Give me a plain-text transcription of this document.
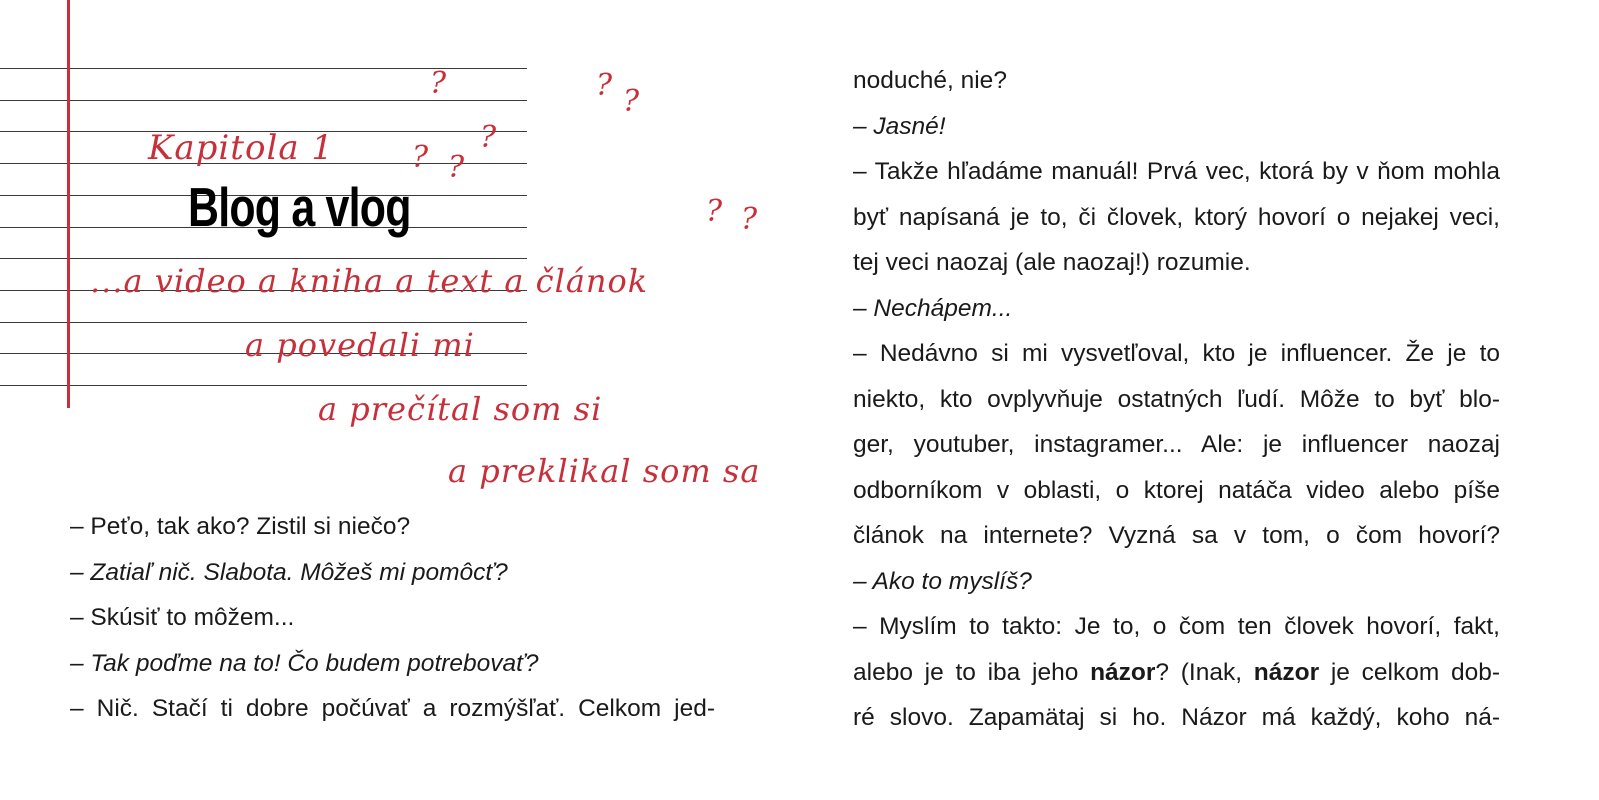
?	? ?
?
? ?
? ?
Kapitola 1
Blog a vlog
...a video a kniha a text a článok
a povedali mi
a prečítal som si
a preklikal som sa

– Peťo, tak ako? Zistil si niečo?

– Zatiaľ nič. Slabota. Môžeš mi pomôcť?

– Skúsiť to môžem...

– Tak poďme na to! Čo budem potrebovať?

– Nič. Stačí ti dobre počúvať a rozmýšľať. Celkom jed-

noduché, nie?

– Jasné!

– Takže hľadáme manuál! Prvá vec, ktorá by v ňom mohla

byť napísaná je to, či človek, ktorý hovorí o nejakej veci,

tej veci naozaj (ale naozaj!) rozumie.

– Nechápem...

– Nedávno si mi vysvetľoval, kto je influencer. Že je to

niekto, kto ovplyvňuje ostatných ľudí. Môže to byť blo-

ger, youtuber, instagramer... Ale: je influencer naozaj

odborníkom v oblasti, o ktorej natáča video alebo píše

článok na internete? Vyzná sa v tom, o čom hovorí?

– Ako to myslíš?

– Myslím to takto: Je to, o čom ten človek hovorí, fakt,

alebo je to iba jeho názor? (Inak, názor je celkom dob-

ré slovo. Zapamätaj si ho. Názor má každý, koho ná-
